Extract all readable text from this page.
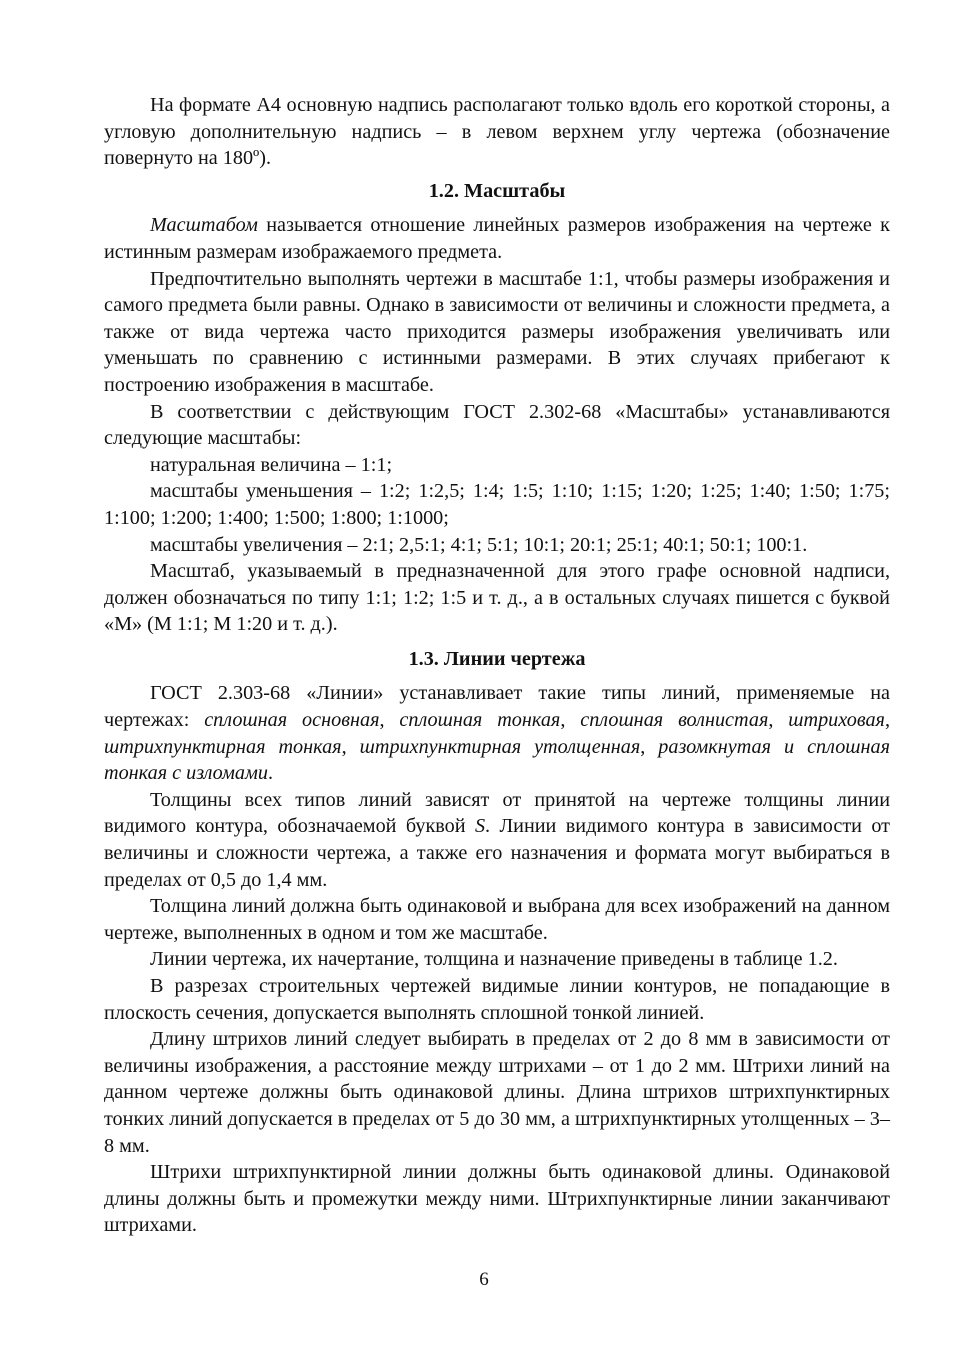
На формате А4 основную надпись располагают только вдоль его короткой стороны, а угловую дополнительную надпись – в левом верхнем углу чертежа (обозначение повернуто на 180º).

1.2. Масштабы

Масштабом называется отношение линейных размеров изображения на чертеже к истинным размерам изображаемого предмета.

Предпочтительно выполнять чертежи в масштабе 1:1, чтобы размеры изображения и самого предмета были равны. Однако в зависимости от величины и сложности предмета, а также от вида чертежа часто приходится размеры изображения увеличивать или уменьшать по сравнению с истинными размерами. В этих случаях прибегают к построению изображения в масштабе.

В соответствии с действующим ГОСТ 2.302-68 «Масштабы» устанавливаются следующие масштабы:

натуральная величина – 1:1;

масштабы уменьшения – 1:2; 1:2,5; 1:4; 1:5; 1:10; 1:15; 1:20; 1:25; 1:40; 1:50; 1:75; 1:100; 1:200; 1:400; 1:500; 1:800; 1:1000;

масштабы увеличения – 2:1; 2,5:1; 4:1; 5:1; 10:1; 20:1; 25:1; 40:1; 50:1; 100:1.

Масштаб, указываемый в предназначенной для этого графе основной надписи, должен обозначаться по типу 1:1; 1:2; 1:5 и т. д., а в остальных случаях пишется с буквой «М» (М 1:1; М 1:20 и т. д.).

1.3. Линии чертежа

ГОСТ 2.303-68 «Линии» устанавливает такие типы линий, применяемые на чертежах: сплошная основная, сплошная тонкая, сплошная волнистая, штриховая, штрихпунктирная тонкая, штрихпунктирная утолщенная, разомкнутая и сплошная тонкая с изломами.

Толщины всех типов линий зависят от принятой на чертеже толщины линии видимого контура, обозначаемой буквой S. Линии видимого контура в зависимости от величины и сложности чертежа, а также его назначения и формата могут выбираться в пределах от 0,5 до 1,4 мм.

Толщина линий должна быть одинаковой и выбрана для всех изображений на данном чертеже, выполненных в одном и том же масштабе.

Линии чертежа, их начертание, толщина и назначение приведены в таблице 1.2.

В разрезах строительных чертежей видимые линии контуров, не попадающие в плоскость сечения, допускается выполнять сплошной тонкой линией.

Длину штрихов линий следует выбирать в пределах от 2 до 8 мм в зависимости от величины изображения, а расстояние между штрихами – от 1 до 2 мм. Штрихи линий на данном чертеже должны быть одинаковой длины. Длина штрихов штрихпунктирных тонких линий допускается в пределах от 5 до 30 мм, а штрихпунктирных утолщенных – 3–8 мм.

Штрихи штрихпунктирной линии должны быть одинаковой длины. Одинаковой длины должны быть и промежутки между ними. Штрихпунктирные линии заканчивают штрихами.

6
